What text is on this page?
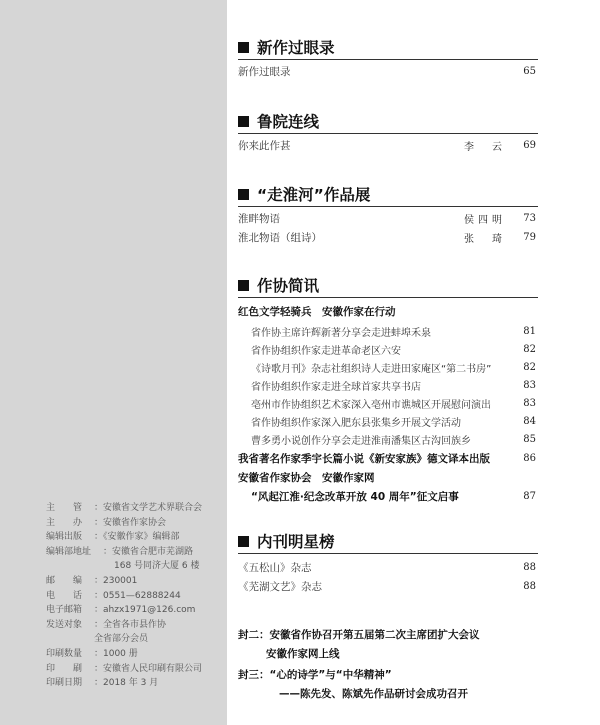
主　　管	：安徽省文学艺术界联合会
主　　办	：安徽省作家协会
编辑出版	：《安徽作家》编辑部
编辑部地址	：安徽省合肥市芜湖路
168 号同济大厦 6 楼
邮　　编	：230001
电　　话	：0551—62888244
电子邮箱	：ahzx1971@126.com
发送对象	：全省各市县作协
全省部分会员
印刷数量	：1000 册
印　　刷	：安徽省人民印刷有限公司
印刷日期	：2018 年 3 月
新作过眼录
新作过眼录	65
鲁院连线
你来此作甚	李　云	69
“走淮河”作品展
淮畔物语	侯四明	73
淮北物语（组诗）	张　琦	79
作协简讯
红色文学轻骑兵　安徽作家在行动
省作协主席许辉新著分享会走进蚌埠禾泉	81
省作协组织作家走进革命老区六安	82
《诗歌月刊》杂志社组织诗人走进田家庵区“第二书房”	82
省作协组织作家走进全球首家共享书店	83
亳州市作协组织艺术家深入亳州市谯城区开展慰问演出	83
省作协组织作家深入肥东县张集乡开展文学活动	84
曹多勇小说创作分享会走进淮南潘集区古沟回族乡	85
我省著名作家季宇长篇小说《新安家族》德文译本出版	86
安徽省作家协会　安徽作家网
“风起江淮·纪念改革开放 40 周年”征文启事	87
内刊明星榜
《五松山》杂志	88
《芜湖文艺》杂志	88
封二：安徽省作协召开第五届第二次主席团扩大会议
安徽作家网上线
封三：“心的诗学”与“中华精神”
——陈先发、陈斌先作品研讨会成功召开
